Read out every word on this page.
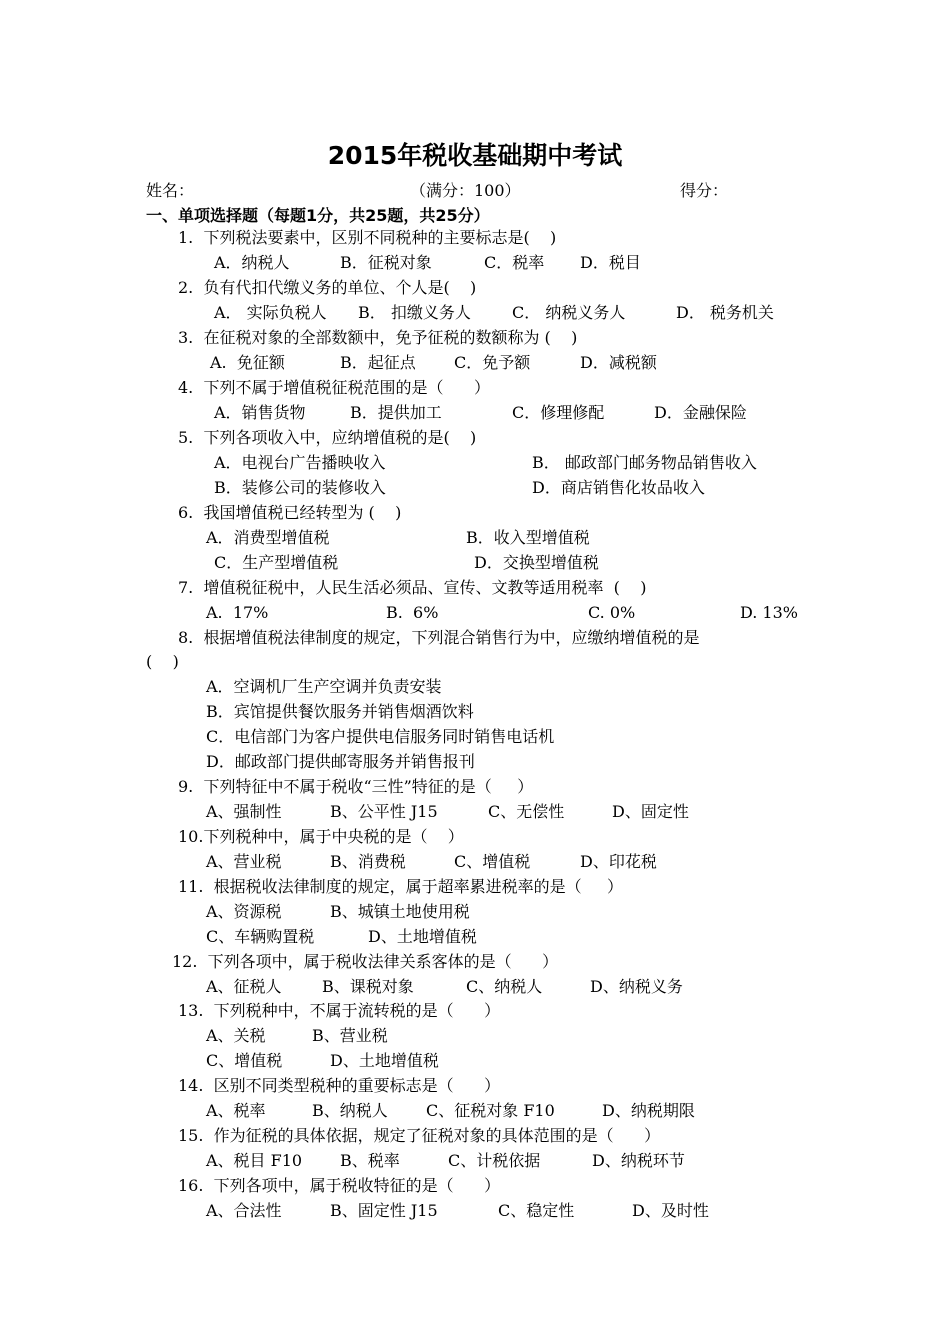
2015年税收基础期中考试
姓名：	（满分：100）	得分：
一、单项选择题（每题1分，共25题，共25分）
1.  下列税法要素中，区别不同税种的主要标志是(    )
A．纳税人	B．征税对象	C．税率 D．税目
2.  负有代扣代缴义务的单位、个人是(    )
A． 实际负税人 B． 扣缴义务人	C． 纳税义务人	D． 税务机关
3.  在征税对象的全部数额中，免予征税的数额称为 (    )
A.  免征额	B．起征点 C．免予额	D．减税额
4.  下列不属于增值税征税范围的是（      ）
A．销售货物	B．提供加工	C．修理修配	D．金融保险
5.  下列各项收入中，应纳增值税的是(    )
A．电视台广告播映收入	B． 邮政部门邮务物品销售收入
B．装修公司的装修收入	D．商店销售化妆品收入
6.  我国增值税已经转型为 (    )
A．消费型增值税	B．收入型增值税
C．生产型增值税	D．交换型增值税
7.  增值税征税中，人民生活必须品、宣传、文教等适用税率  (    )
A.  17%	B.  6%	C. 0%	D. 13%
8.  根据增值税法律制度的规定，下列混合销售行为中，应缴纳增值税的是
(    )
A．空调机厂生产空调并负责安装
B．宾馆提供餐饮服务并销售烟酒饮料
C．电信部门为客户提供电信服务同时销售电话机
D．邮政部门提供邮寄服务并销售报刊
9.  下列特征中不属于税收“三性”特征的是（     ）
A、强制性	B、公平性 J15	C、无偿性	D、固定性
10.下列税种中，属于中央税的是（    ）
A、营业税	B、消费税	C、增值税	D、印花税
11.  根据税收法律制度的规定，属于超率累进税率的是（     ）
A、资源税	B、城镇土地使用税
C、车辆购置税	D、土地增值税
12.  下列各项中，属于税收法律关系客体的是（      ）
A、征税人	B、课税对象	C、纳税人	D、纳税义务
13.  下列税种中，不属于流转税的是（      ）
A、关税	B、营业税
C、增值税	D、土地增值税
14.  区别不同类型税种的重要标志是（      ）
A、税率	B、纳税人 C、征税对象 F10	D、纳税期限
15.  作为征税的具体依据，规定了征税对象的具体范围的是（      ）
A、税目 F10 B、税率	C、计税依据	D、纳税环节
16.  下列各项中，属于税收特征的是（      ）
A、合法性	B、固定性 J15	C、稳定性	D、及时性
